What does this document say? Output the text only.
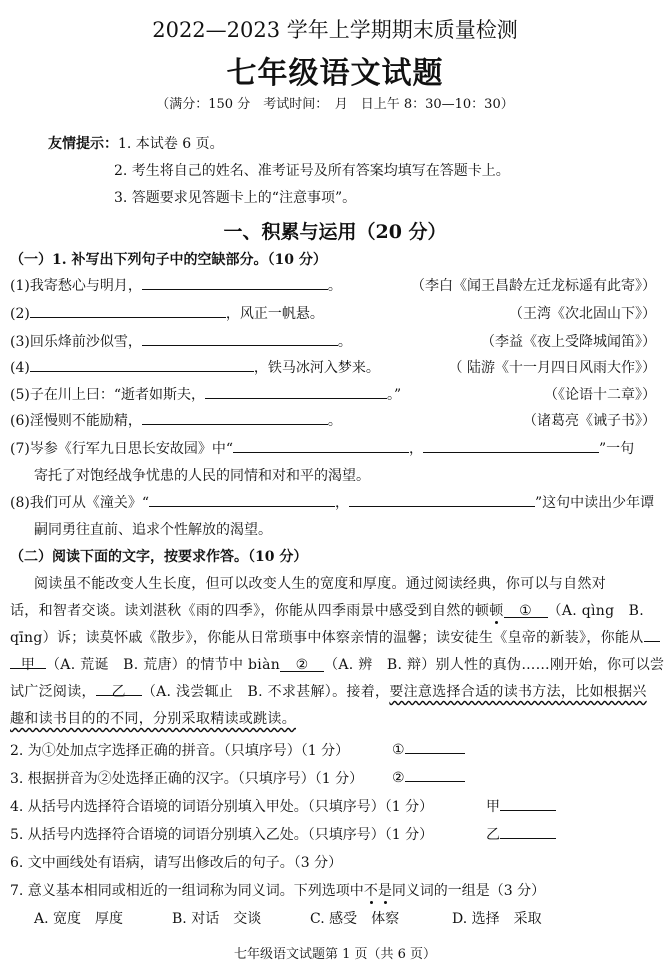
2022—2023 学年上学期期末质量检测
七年级语文试题
（满分：150 分　考试时间：　月　日上午 8：30—10：30）
友情提示：1. 本试卷 6 页。
2. 考生将自己的姓名、准考证号及所有答案均填写在答题卡上。
3. 答题要求见答题卡上的“注意事项”。
一、积累与运用（20 分）
（一）1. 补写出下列句子中的空缺部分。（10 分）
(1)我寄愁心与明月，	。	（李白《闻王昌龄左迁龙标遥有此寄》）
(2)	，风正一帆悬。	（王湾《次北固山下》）
(3)回乐烽前沙似雪，	。	（李益《夜上受降城闻笛》）
(4)	，铁马冰河入梦来。	（ 陆游《十一月四日风雨大作》）
(5)子在川上曰：“逝者如斯夫，	。”	（《论语十二章》）
(6)淫慢则不能励精，	。	（诸葛亮《诫子书》）
(7)岑参《行军九日思长安故园》中“	，	”一句
寄托了对饱经战争忧患的人民的同情和对和平的渴望。
(8)我们可从《潼关》“	，	”这句中读出少年谭
嗣同勇往直前、追求个性解放的渴望。
（二）阅读下面的文字，按要求作答。（10 分）
阅读虽不能改变人生长度，但可以改变人生的宽度和厚度。通过阅读经典，你可以与自然对
话，和智者交谈。读刘湛秋《雨的四季》，你能从四季雨景中感受到自然的顿顿 ① （A. qìng　B.
qīng）诉；读莫怀戚《散步》，你能从日常琐事中体察亲情的温馨；读安徒生《皇帝的新装》，你能从
甲 （A. 荒诞　B. 荒唐）的情节中 biàn ② （A. 辨　B. 辩）别人性的真伪……刚开始，你可以尝
试广泛阅读， 乙 （A. 浅尝辄止　B. 不求甚解）。接着，要注意选择合适的读书方法，比如根据兴
趣和读书目的的不同，分别采取精读或跳读。
2. 为①处加点字选择正确的拼音。（只填序号）（1 分）	①
3. 根据拼音为②处选择正确的汉字。（只填序号）（1 分） ②
4. 从括号内选择符合语境的词语分别填入甲处。（只填序号）（1 分）	甲
5. 从括号内选择符合语境的词语分别填入乙处。（只填序号）（1 分）	乙
6. 文中画线处有语病，请写出修改后的句子。（3 分）
7. 意义基本相同或相近的一组词称为同义词。下列选项中不是同义词的一组是（3 分）
A. 宽度　厚度	B. 对话　交谈	C. 感受　体察	D. 选择　采取
七年级语文试题第 1 页（共 6 页）
